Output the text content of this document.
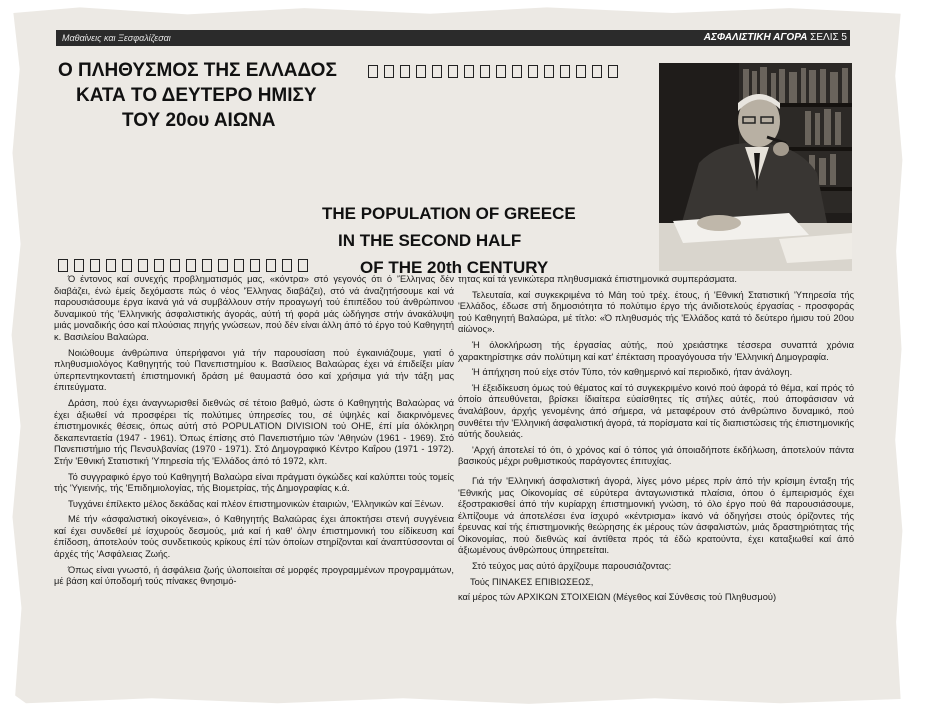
Μαθαίνεις και Ξεσφαλίζεσαι	ΑΣΦΑΛΙΣΤΙΚΗ ΑΓΟΡΑ ΣΕΛΙΣ 5
Ο ΠΛΗΘΥΣΜΟΣ ΤΗΣ ΕΛΛΑΔΟΣ
ΚΑΤΑ ΤΟ ΔΕΥΤΕΡΟ ΗΜΙΣΥ
ΤΟΥ 20ου ΑΙΩΝΑ
THE POPULATION OF GREECE
IN THE SECOND HALF
OF THE 20th CENTURY

Ό έντονος καί συνεχής προβληματισμός μας, «κόντρα» στό γεγονός ότι ό 'Έλληνας δέν διαβάζει, ένώ έμείς δεχόμαστε πώς ό νέος 'Έλληνας διαβάζει), στό νά άναζητήσουμε καί νά παρουσιάσουμε έργα ίκανά γιά νά συμβάλλουν στήν προαγωγή τού έπιπέδου τού άνθρώπινου δυναμικού τής 'Ελληνικής άσφαλιστικής άγοράς, αύτή τή φορά μάς ώδήγησε στήν άνακάλυψη μιάς μοναδικής όσο καί πλούσιας πηγής γνώσεων, πού δέν είναι άλλη άπό τό έργο τού Καθηγητή κ. Βασιλείου Βαλαώρα.

Νοιώθουμε άνθρώπινα ύπερήφανοι γιά τήν παρουσίαση πού έγκαινιάζουμε, γιατί ό πληθυσμιολόγος Καθηγητής τού Πανεπιστημίου κ. Βασίλειος Βαλαώρας έχει νά έπιδείξει μίαν ύπερπεντηκονταετή έπιστημονική δράση μέ θαυμαστά όσο καί χρήσιμα γιά τήν τάξη μας έπιτεύγματα.

Δράση, πού έχει άναγνωρισθεί διεθνώς σέ τέτοιο βαθμό, ώστε ό Καθηγητής Βαλαώρας νά έχει άξιωθεί νά προσφέρει τίς πολύτιμες ύπηρεσίες του, σέ ύψηλές καί διακρινόμενες έπιστημονικές θέσεις, όπως αύτή στό POPULATION DIVISION τού ΟΗΕ, έπί μία όλόκληρη δεκαπενταετία (1947 - 1961). Όπως έπίσης στό Πανεπιστήμιο τών 'Αθηνών (1961 - 1969). Στό Πανεπιστήμιο τής Πενσυλβανίας (1970 - 1971). Στό Δημογραφικό Κέντρο Καΐρου (1971 - 1972). Στήν 'Εθνική Στατιστική 'Υπηρεσία τής 'Ελλάδος άπό τό 1972, κλπ.

Τό συγγραφικό έργο τού Καθηγητή Βαλαώρα είναι πράγματι όγκώδες καί καλύπτει τούς τομείς τής 'Υγιεινής, τής 'Επιδημιολογίας, τής Βιομετρίας, τής Δημογραφίας κ.ά.

Τυγχάνει έπίλεκτο μέλος δεκάδας καί πλέον έπιστημονικών έταιριών, 'Ελληνικών καί Ξένων.

Μέ τήν «άσφαλιστική οίκογένεια», ό Καθηγητής Βαλαώρας έχει άποκτήσει στενή συγγένεια καί έχει συνδεθεί μέ ίσχυρούς δεσμούς, μιά καί ή καθ' όλην έπιστημονική του είδίκευση καί έπίδοση, άποτελούν τούς συνδετικούς κρίκους έπί τών όποίων στηρίζονται καί άναπτύσσονται οί άρχές τής 'Ασφάλειας Ζωής.

Όπως είναι γνωστό, ή άσφάλεια ζωής ύλοποιείται σέ μορφές προγραμμένων προγραμμάτων, μέ βάση καί ύποδομή τούς πίνακες θνησιμό-

τητας καί τά γενικώτερα πληθυσμιακά έπιστημονικά συμπεράσματα.

Τελευταία, καί συγκεκριμένα τό Μάη τού τρέχ. έτους, ή 'Εθνική Στατιστική 'Υπηρεσία τής 'Ελλάδος, έδωσε στή δημοσιότητα τό πολύτιμο έργο τής άνιδιοτελούς έργασίας - προσφοράς τού Καθηγητή Βαλαώρα, μέ τίτλο: «Ό πληθυσμός τής 'Ελλάδος κατά τό δεύτερο ήμισυ τού 20ου αίώνος».

Ή όλοκλήρωση τής έργασίας αύτής, πού χρειάστηκε τέσσερα συναπτά χρόνια χαρακτηρίστηκε σάν πολύτιμη καί κατ' έπέκταση προαγόγουσα τήν 'Ελληνική Δημογραφία.

Ή άπήχηση πού είχε στόν Τύπο, τόν καθημερινό καί περιοδικό, ήταν άνάλογη.

Ή έξειδίκευση όμως τού θέματος καί τό συγκεκριμένο κοινό πού άφορά τό θέμα, καί πρός τό όποίο άπευθύνεται, βρίσκει ίδιαίτερα εύαίσθητες τίς στήλες αύτές, πού άποφάσισαν νά άναλάβουν, άρχής γενομένης άπό σήμερα, νά μεταφέρουν στό άνθρώπινο δυναμικό, πού συνθέτει τήν 'Ελληνική άσφαλιστική άγορά, τά πορίσματα καί τίς διαπιστώσεις τής έπιστημονικής αύτής δουλειάς.

'Αρχή άποτελεί τό ότι, ό χρόνος καί ό τόπος γιά όποιαδήποτε έκδήλωση, άποτελούν πάντα βασικούς μέχρι ρυθμιστικούς παράγοντες έπιτυχίας.

Γιά τήν 'Ελληνική άσφαλιστική άγορά, λίγες μόνο μέρες πρίν άπό τήν κρίσιμη ένταξη τής 'Εθνικής μας Οίκονομίας σέ εύρύτερα άνταγωνιστικά πλαίσια, όπου ό έμπειρισμός έχει έξοστρακισθεί άπό τήν κυρίαρχη έπιστημονική γνώση, τό όλο έργο πού θά παρουσιάσουμε, έλπίζουμε νά άποτελέσει ένα ίσχυρό «κέντρισμα» ίκανό νά όδηγήσει στούς όρίζοντες τής έρευνας καί τής έπιστημονικής θεώρησης έκ μέρους τών άσφαλιστών, μιάς δραστηριότητας τής Οίκονομίας, πού διεθνώς καί άντίθετα πρός τά έδώ κρατούντα, έχει καταξιωθεί καί άπό άξιωμένους άνθρώπους ύπηρετείται.

Στό τεύχος μας αύτό άρχίζουμε παρουσιάζοντας:

Τούς ΠΙΝΑΚΕΣ ΕΠΙΒΙΩΣΕΩΣ,

καί μέρος τών ΑΡΧΙΚΩΝ ΣΤΟΙΧΕΙΩΝ (Μέγεθος καί Σύνθεσις τού Πληθυσμού)
